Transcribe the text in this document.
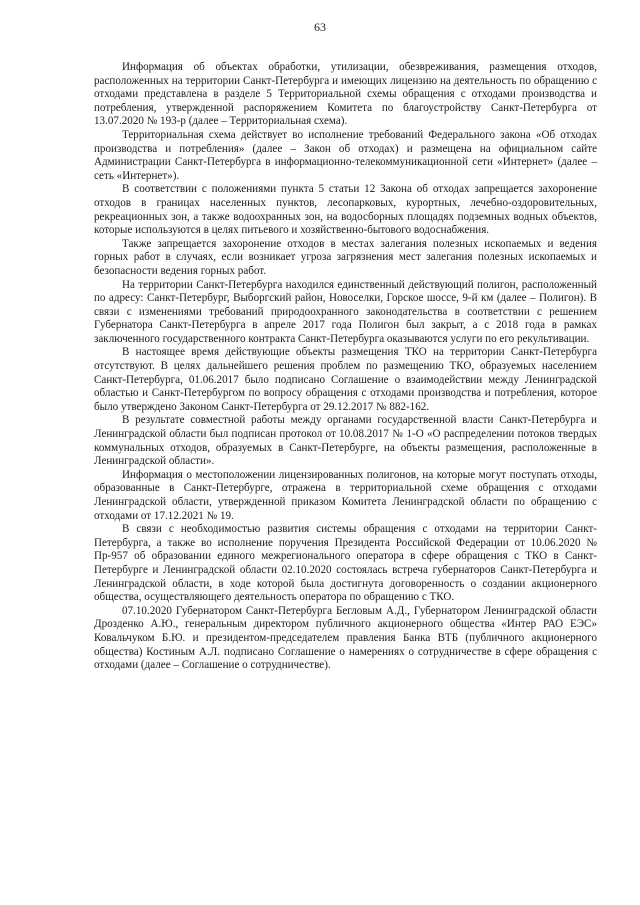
63

Информация об объектах обработки, утилизации, обезвреживания, размещения отходов, расположенных на территории Санкт-Петербурга и имеющих лицензию на деятельность по обращению с отходами представлена в разделе 5 Территориальной схемы обращения с отходами производства и потребления, утвержденной распоряжением Комитета по благоустройству Санкт-Петербурга от 13.07.2020 № 193-р (далее – Территориальная схема).

Территориальная схема действует во исполнение требований Федерального закона «Об отходах производства и потребления» (далее – Закон об отходах) и размещена на официальном сайте Администрации Санкт-Петербурга в информационно-телекоммуникационной сети «Интернет» (далее – сеть «Интернет»).

В соответствии с положениями пункта 5 статьи 12 Закона об отходах запрещается захоронение отходов в границах населенных пунктов, лесопарковых, курортных, лечебно-оздоровительных, рекреационных зон, а также водоохранных зон, на водосборных площадях подземных водных объектов, которые используются в целях питьевого и хозяйственно-бытового водоснабжения.

Также запрещается захоронение отходов в местах залегания полезных ископаемых и ведения горных работ в случаях, если возникает угроза загрязнения мест залегания полезных ископаемых и безопасности ведения горных работ.

На территории Санкт-Петербурга находился единственный действующий полигон, расположенный по адресу: Санкт-Петербург, Выборгский район, Новоселки, Горское шоссе, 9-й км (далее – Полигон). В связи с изменениями требований природоохранного законодательства в соответствии с решением Губернатора Санкт-Петербурга в апреле 2017 года Полигон был закрыт, а с 2018 года в рамках заключенного государственного контракта Санкт-Петербурга оказываются услуги по его рекультивации.

В настоящее время действующие объекты размещения ТКО на территории Санкт-Петербурга отсутствуют. В целях дальнейшего решения проблем по размещению ТКО, образуемых населением Санкт-Петербурга, 01.06.2017 было подписано Соглашение о взаимодействии между Ленинградской областью и Санкт-Петербургом по вопросу обращения с отходами производства и потребления, которое было утверждено Законом Санкт-Петербурга от 29.12.2017 № 882-162.

В результате совместной работы между органами государственной власти Санкт-Петербурга и Ленинградской области был подписан протокол от 10.08.2017 № 1-О «О распределении потоков твердых коммунальных отходов, образуемых в Санкт-Петербурге, на объекты размещения, расположенные в Ленинградской области».

Информация о местоположении лицензированных полигонов, на которые могут поступать отходы, образованные в Санкт-Петербурге, отражена в территориальной схеме обращения с отходами Ленинградской области, утвержденной приказом Комитета Ленинградской области по обращению с отходами от 17.12.2021 № 19.

В связи с необходимостью развития системы обращения с отходами на территории Санкт-Петербурга, а также во исполнение поручения Президента Российской Федерации от 10.06.2020 № Пр-957 об образовании единого межрегионального оператора в сфере обращения с ТКО в Санкт-Петербурге и Ленинградской области 02.10.2020 состоялась встреча губернаторов Санкт-Петербурга и Ленинградской области, в ходе которой была достигнута договоренность о создании акционерного общества, осуществляющего деятельность оператора по обращению с ТКО.

07.10.2020 Губернатором Санкт-Петербурга Бегловым А.Д., Губернатором Ленинградской области Дрозденко А.Ю., генеральным директором публичного акционерного общества «Интер РАО ЕЭС» Ковальчуком Б.Ю. и президентом-председателем правления Банка ВТБ (публичного акционерного общества) Костиным А.Л. подписано Соглашение о намерениях о сотрудничестве в сфере обращения с отходами (далее – Соглашение о сотрудничестве).
